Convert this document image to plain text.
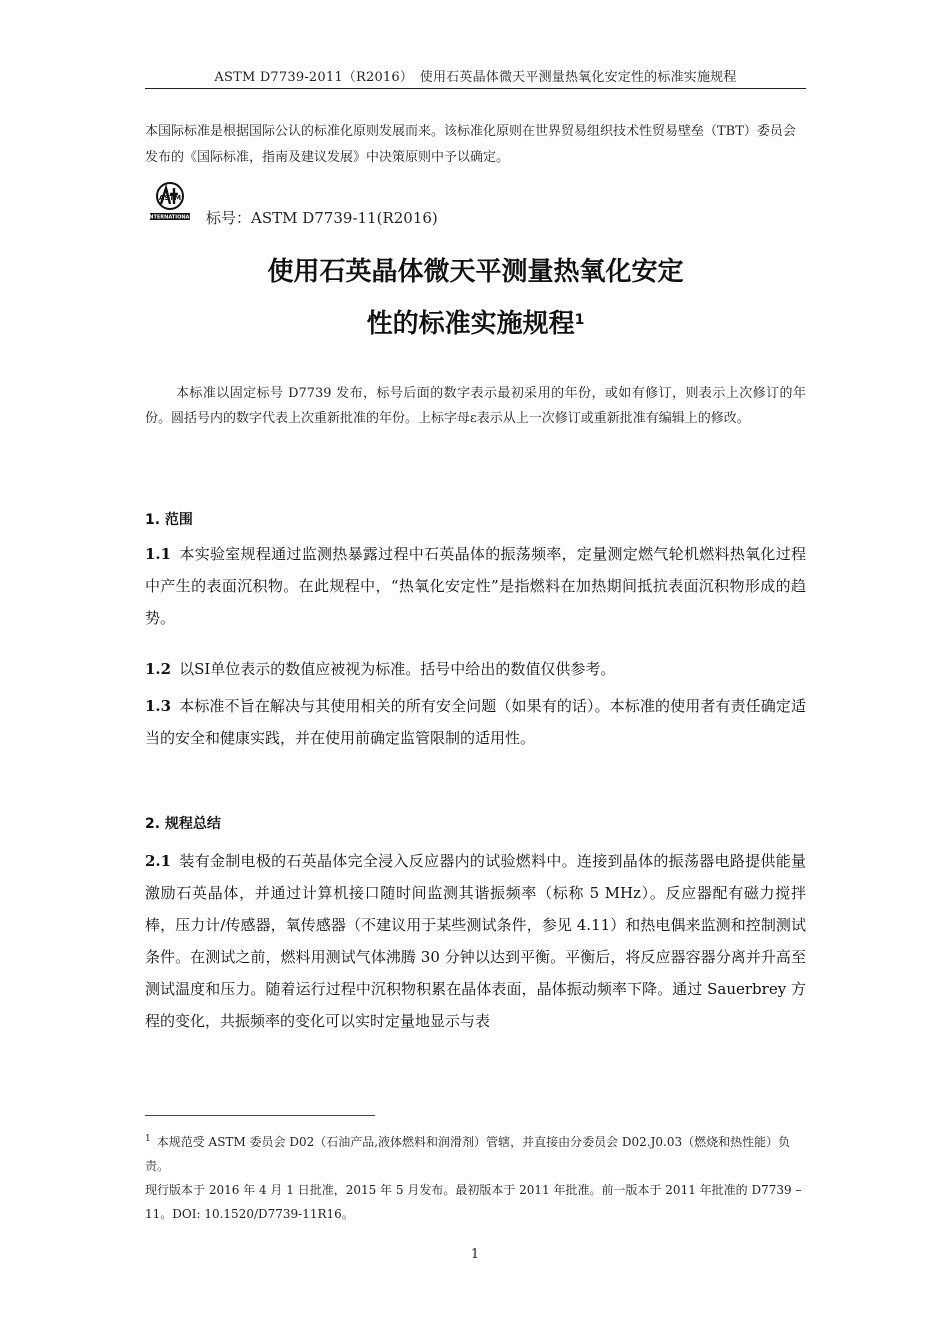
ASTM D7739-2011（R2016）　使用石英晶体微天平测量热氧化安定性的标准实施规程
本国际标准是根据国际公认的标准化原则发展而来。该标准化原则在世界贸易组织技术性贸易壁垒（TBT）委员会发布的《国际标准，指南及建议发展》中决策原则中予以确定。
ASTM
INTERNATIONAL 标号：ASTM D7739-11(R2016)
使用石英晶体微天平测量热氧化安定
性的标准实施规程$^1$
本标准以固定标号 D7739 发布，标号后面的数字表示最初采用的年份，或如有修订，则表示上次修订的年份。圆括号内的数字代表上次重新批准的年份。上标字母ε表示从上一次修订或重新批准有编辑上的修改。
1. 范围
1.1 本实验室规程通过监测热暴露过程中石英晶体的振荡频率，定量测定燃气轮机燃料热氧化过程中产生的表面沉积物。在此规程中，“热氧化安定性”是指燃料在加热期间抵抗表面沉积物形成的趋势。
1.2 以SI单位表示的数值应被视为标准。括号中给出的数值仅供参考。
1.3 本标准不旨在解决与其使用相关的所有安全问题（如果有的话）。本标准的使用者有责任确定适当的安全和健康实践，并在使用前确定监管限制的适用性。
2. 规程总结
2.1 装有金制电极的石英晶体完全浸入反应器内的试验燃料中。连接到晶体的振荡器电路提供能量激励石英晶体，并通过计算机接口随时间监测其谐振频率（标称 5 MHz）。反应器配有磁力搅拌棒，压力计/传感器，氧传感器（不建议用于某些测试条件，参见 4.11）和热电偶来监测和控制测试条件。在测试之前，燃料用测试气体沸腾 30 分钟以达到平衡。平衡后，将反应器容器分离并升高至测试温度和压力。随着运行过程中沉积物积累在晶体表面，晶体振动频率下降。通过 Sauerbrey 方程的变化，共振频率的变化可以实时定量地显示与表
$^1$ 本规范受 ASTM 委员会 D02（石油产品,液体燃料和润滑剂）管辖，并直接由分委员会 D02.J0.03（燃烧和热性能）负责。
现行版本于 2016 年 4 月 1 日批准，2015 年 5 月发布。最初版本于 2011 年批准。前一版本于 2011 年批准的 D7739 – 11。DOI: 10.1520/D7739-11R16。
1
